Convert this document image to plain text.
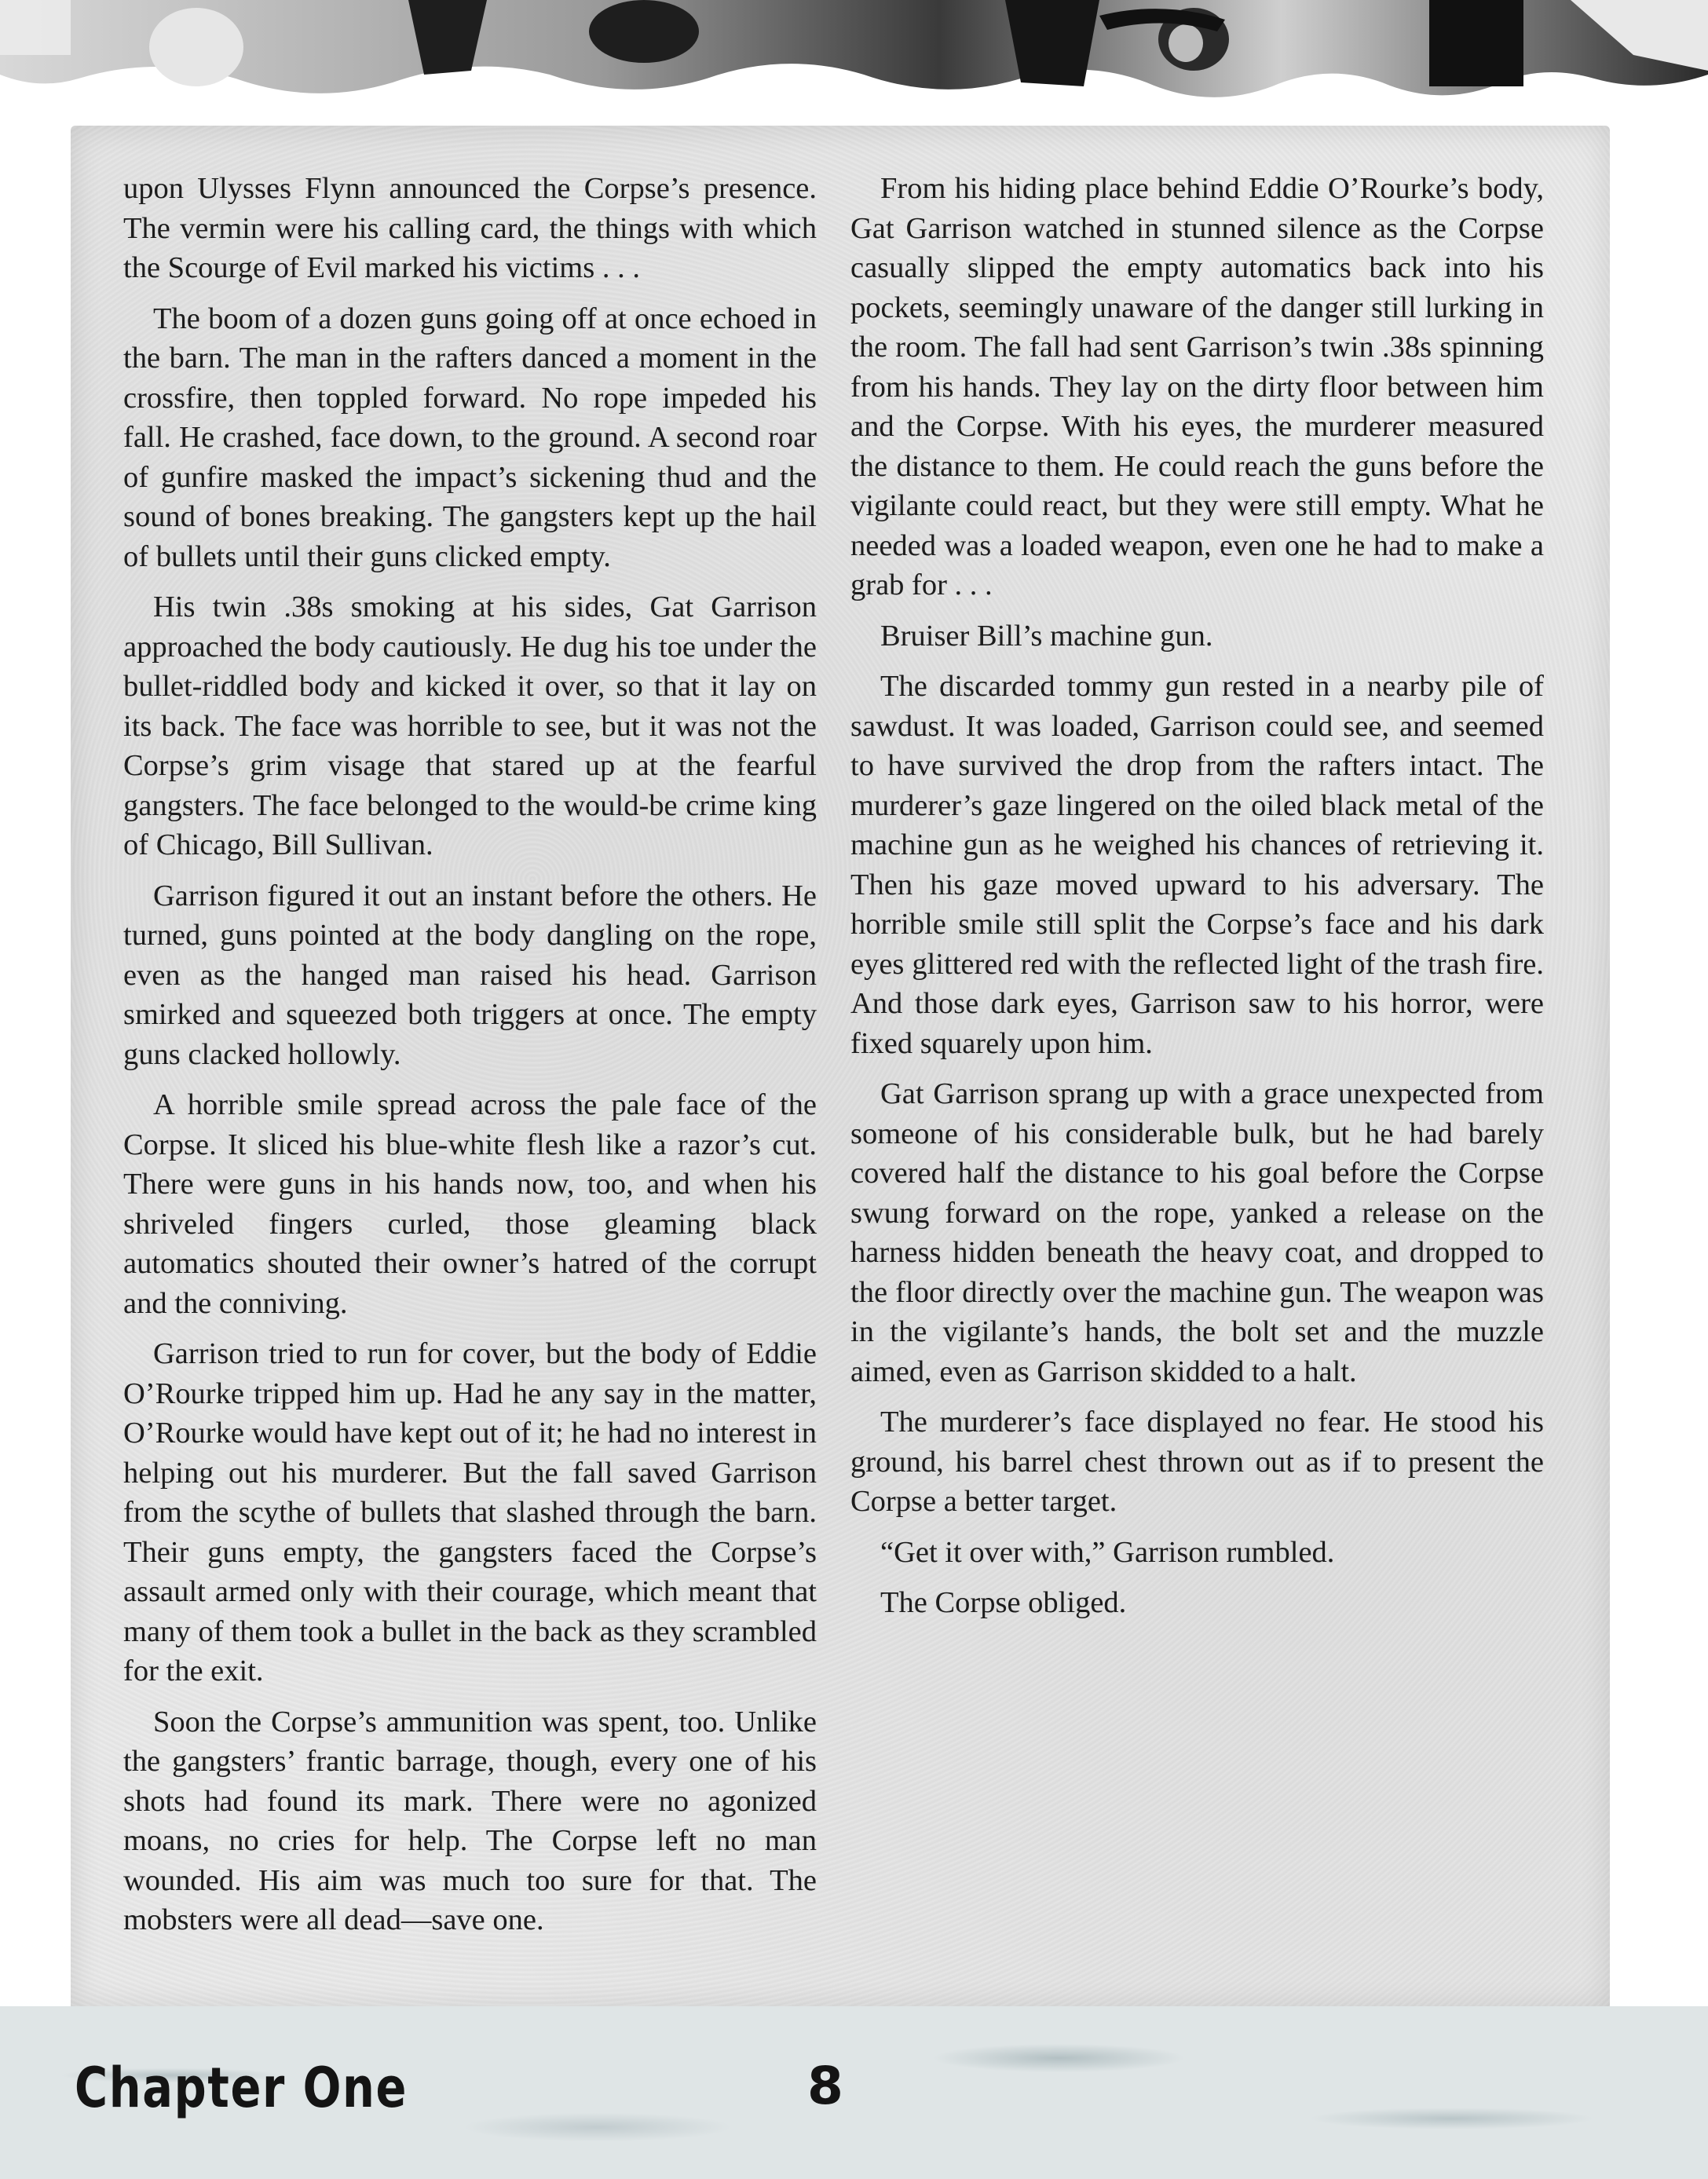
upon Ulysses Flynn announced the Corpse’s presence. The vermin were his calling card, the things with which the Scourge of Evil marked his victims . . .

The boom of a dozen guns going off at once echoed in the barn. The man in the rafters danced a moment in the crossfire, then toppled forward. No rope impeded his fall. He crashed, face down, to the ground. A second roar of gunfire masked the impact’s sickening thud and the sound of bones breaking. The gangsters kept up the hail of bullets until their guns clicked empty.

His twin .38s smoking at his sides, Gat Garrison approached the body cautiously. He dug his toe under the bullet-riddled body and kicked it over, so that it lay on its back. The face was horrible to see, but it was not the Corpse’s grim visage that stared up at the fearful gangsters. The face belonged to the would-be crime king of Chicago, Bill Sullivan.

Garrison figured it out an instant before the others. He turned, guns pointed at the body dangling on the rope, even as the hanged man raised his head. Garrison smirked and squeezed both triggers at once. The empty guns clacked hollowly.

A horrible smile spread across the pale face of the Corpse. It sliced his blue-white flesh like a razor’s cut. There were guns in his hands now, too, and when his shriveled fingers curled, those gleaming black automatics shouted their owner’s hatred of the corrupt and the conniving.

Garrison tried to run for cover, but the body of Eddie O’Rourke tripped him up. Had he any say in the matter, O’Rourke would have kept out of it; he had no interest in helping out his murderer. But the fall saved Garrison from the scythe of bullets that slashed through the barn. Their guns empty, the gangsters faced the Corpse’s assault armed only with their courage, which meant that many of them took a bullet in the back as they scrambled for the exit.

Soon the Corpse’s ammunition was spent, too. Unlike the gangsters’ frantic barrage, though, every one of his shots had found its mark. There were no agonized moans, no cries for help. The Corpse left no man wounded. His aim was much too sure for that. The mobsters were all dead—save one.

From his hiding place behind Eddie O’Rourke’s body, Gat Garrison watched in stunned silence as the Corpse casually slipped the empty automatics back into his pockets, seemingly unaware of the danger still lurking in the room. The fall had sent Garrison’s twin .38s spinning from his hands. They lay on the dirty floor between him and the Corpse. With his eyes, the murderer measured the distance to them. He could reach the guns before the vigilante could react, but they were still empty. What he needed was a loaded weapon, even one he had to make a grab for . . .

Bruiser Bill’s machine gun.

The discarded tommy gun rested in a nearby pile of sawdust. It was loaded, Garrison could see, and seemed to have survived the drop from the rafters intact. The murderer’s gaze lingered on the oiled black metal of the machine gun as he weighed his chances of retrieving it. Then his gaze moved upward to his adversary. The horrible smile still split the Corpse’s face and his dark eyes glittered red with the reflected light of the trash fire. And those dark eyes, Garrison saw to his horror, were fixed squarely upon him.

Gat Garrison sprang up with a grace unexpected from someone of his considerable bulk, but he had barely covered half the distance to his goal before the Corpse swung forward on the rope, yanked a release on the harness hidden beneath the heavy coat, and dropped to the floor directly over the machine gun. The weapon was in the vigilante’s hands, the bolt set and the muzzle aimed, even as Garrison skidded to a halt.

The murderer’s face displayed no fear. He stood his ground, his barrel chest thrown out as if to present the Corpse a better target.

“Get it over with,” Garrison rumbled.

The Corpse obliged.

Chapter One	8
